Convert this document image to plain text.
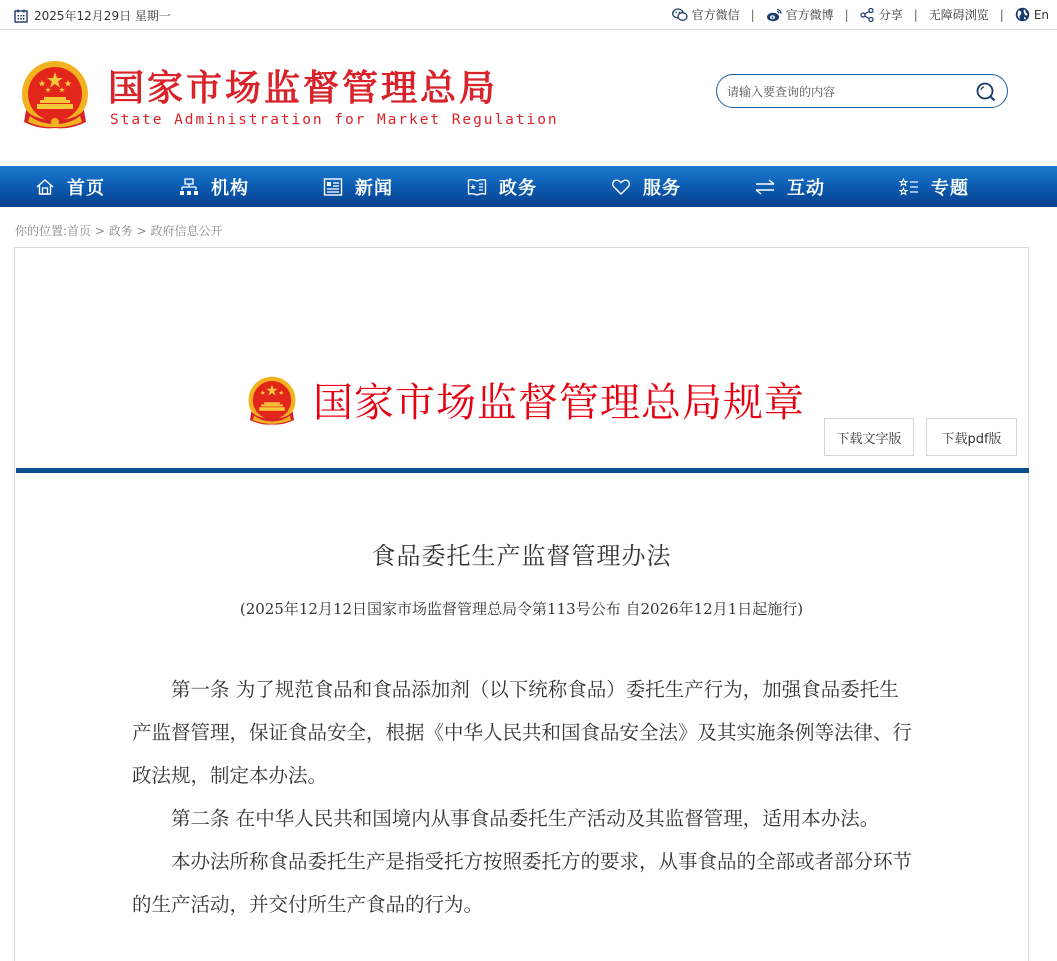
2025年12月29日 星期一	官方微信 |	官方微博 |	分享 | 无障碍浏览 |	En
国家市场监督管理总局
State Administration for Market Regulation
请输入要查询的内容
首页	机构	新闻	政务	服务	互动	专题
你的位置:首页 > 政务 > 政府信息公开
国家市场监督管理总局规章
下载文字版	下载pdf版
食品委托生产监督管理办法
(2025年12月12日国家市场监督管理总局令第113号公布 自2026年12月1日起施行)

第一条 为了规范食品和食品添加剂（以下统称食品）委托生产行为，加强食品委托生产监督管理，保证食品安全，根据《中华人民共和国食品安全法》及其实施条例等法律、行政法规，制定本办法。

第二条 在中华人民共和国境内从事食品委托生产活动及其监督管理，适用本办法。

本办法所称食品委托生产是指受托方按照委托方的要求，从事食品的全部或者部分环节的生产活动，并交付所生产食品的行为。
